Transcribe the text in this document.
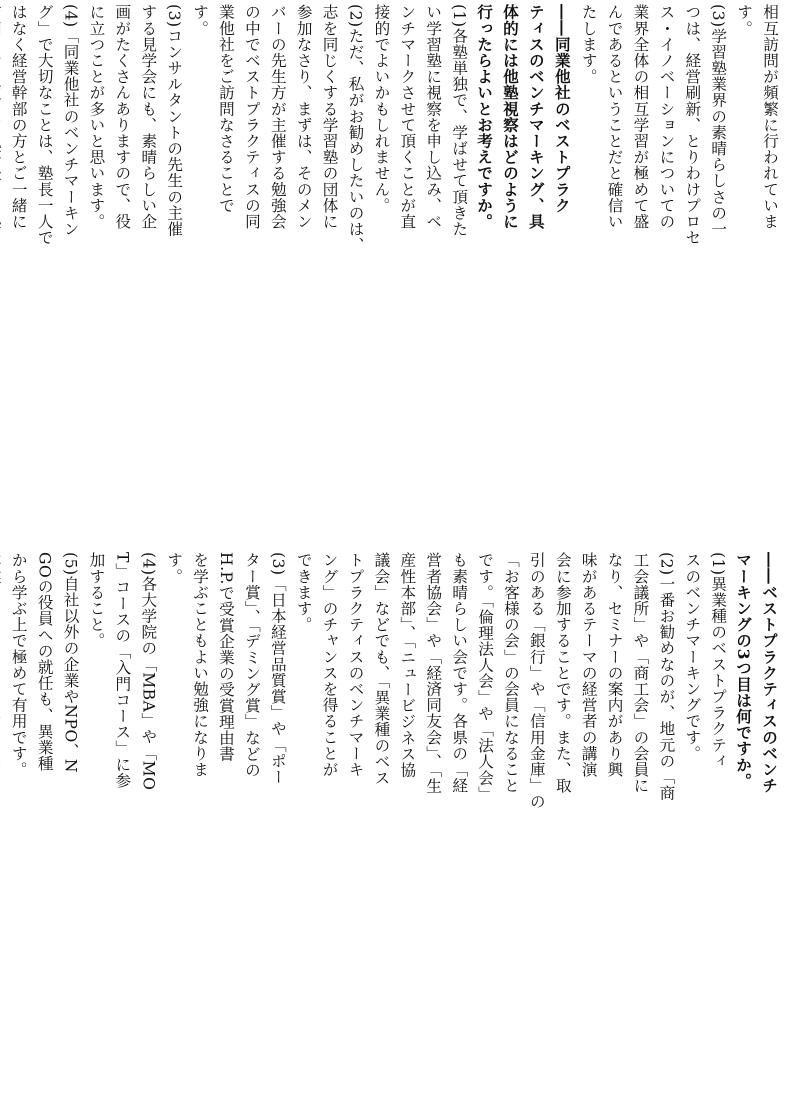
相互訪問が頻繁に行われていま
す。
(3)学習塾業界の素晴らしさの一
つは、経営刷新、とりわけプロセ
ス・イノベーションについての
業界全体の相互学習が極めて盛
んであるということだと確信い
たします。
――同業他社のベストプラク
ティスのベンチマーキング、具
体的には他塾視察はどのように
行ったらよいとお考えですか。
(1)各塾単独で、学ばせて頂きた
い学習塾に視察を申し込み、ベ
ンチマークさせて頂くことが直
接的でよいかもしれません。
(2)ただ、私がお勧めしたいのは、
志を同じくする学習塾の団体に
参加なさり、まずは、そのメン
バーの先生方が主催する勉強会
の中でベストプラクティスの同
業他社をご訪問なさることで
す。
(3)コンサルタントの先生の主催
する見学会にも、素晴らしい企
画がたくさんありますので、役
に立つことが多いと思います。
(4)「同業他社のベンチマーキン
グ」で大切なことは、塾長一人で
はなく経営幹部の方とご一緒に

――ベストプラクティスのベンチ
マーキングの3つ目は何ですか。
(1)異業種のベストプラクティ
スのベンチマーキングです。
(2)一番お勧めなのが、地元の「商
工会議所」や「商工会」の会員に
なり、セミナーの案内があり興
味があるテーマの経営者の講演
会に参加することです。また、取
引のある「銀行」や「信用金庫」の
「お客様の会」の会員になること
です。「倫理法人会」や「法人会」
も素晴らしい会です。各県の「経
営者協会」や「経済同友会」、「生
産性本部」、「ニュービジネス協
議会」などでも、「異業種のベス
トプラクティスのベンチマーキ
ング」のチャンスを得ることが
できます。
(3)「日本経営品質賞」や「ポー
ター賞」、「デミング賞」などの
H.P.で受賞企業の受賞理由書
を学ぶこともよい勉強になりま
す。
(4)各大学院の「MBA」や「MO
T」コースの「入門コース」に参
加すること。
(5)自社以外の企業やNPO、N
GOの役員への就任も、異業種
から学ぶ上で極めて有用です。
